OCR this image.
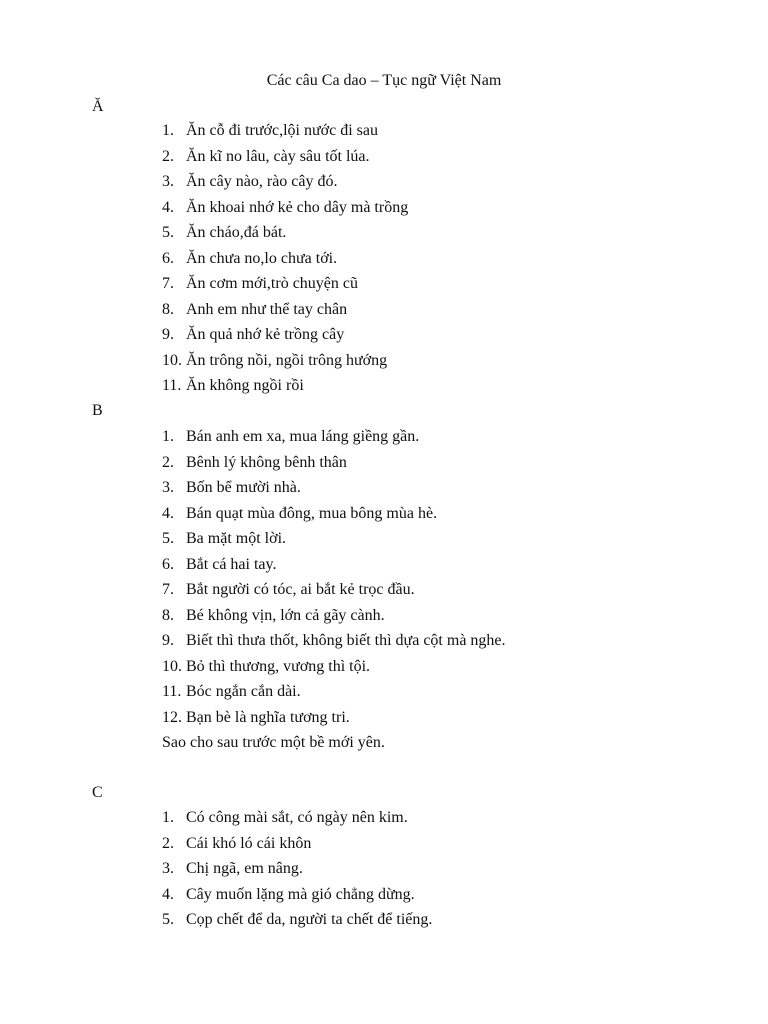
Các câu Ca dao – Tục ngữ Việt Nam
Ă
1. Ăn cỗ đi trước,lội nước đi sau
2. Ăn kĩ no lâu, cày sâu tốt lúa.
3. Ăn cây nào, rào cây đó.
4. Ăn khoai nhớ kẻ cho dây mà trồng
5. Ăn cháo,đá bát.
6. Ăn chưa no,lo chưa tới.
7. Ăn cơm mới,trò chuyện cũ
8. Anh em như thể tay chân
9. Ăn quả nhớ kẻ trồng cây
10. Ăn trông nồi, ngồi trông hướng
11. Ăn không ngồi rồi
B
1. Bán anh em xa, mua láng giềng gần.
2. Bênh lý không bênh thân
3. Bốn bể mười nhà.
4. Bán quạt mùa đông, mua bông mùa hè.
5. Ba mặt một lời.
6. Bắt cá hai tay.
7. Bắt người có tóc, ai bắt kẻ trọc đầu.
8. Bé không vịn, lớn cả gãy cành.
9. Biết thì thưa thốt, không biết thì dựa cột mà nghe.
10. Bỏ thì thương, vương thì tội.
11. Bóc ngắn cắn dài.
12. Bạn bè là nghĩa tương tri.
Sao cho sau trước một bề mới yên.
C
1. Có công mài sắt, có ngày nên kim.
2. Cái khó ló cái khôn
3. Chị ngã, em nâng.
4. Cây muốn lặng mà gió chẳng dừng.
5. Cọp chết để da, người ta chết để tiếng.
